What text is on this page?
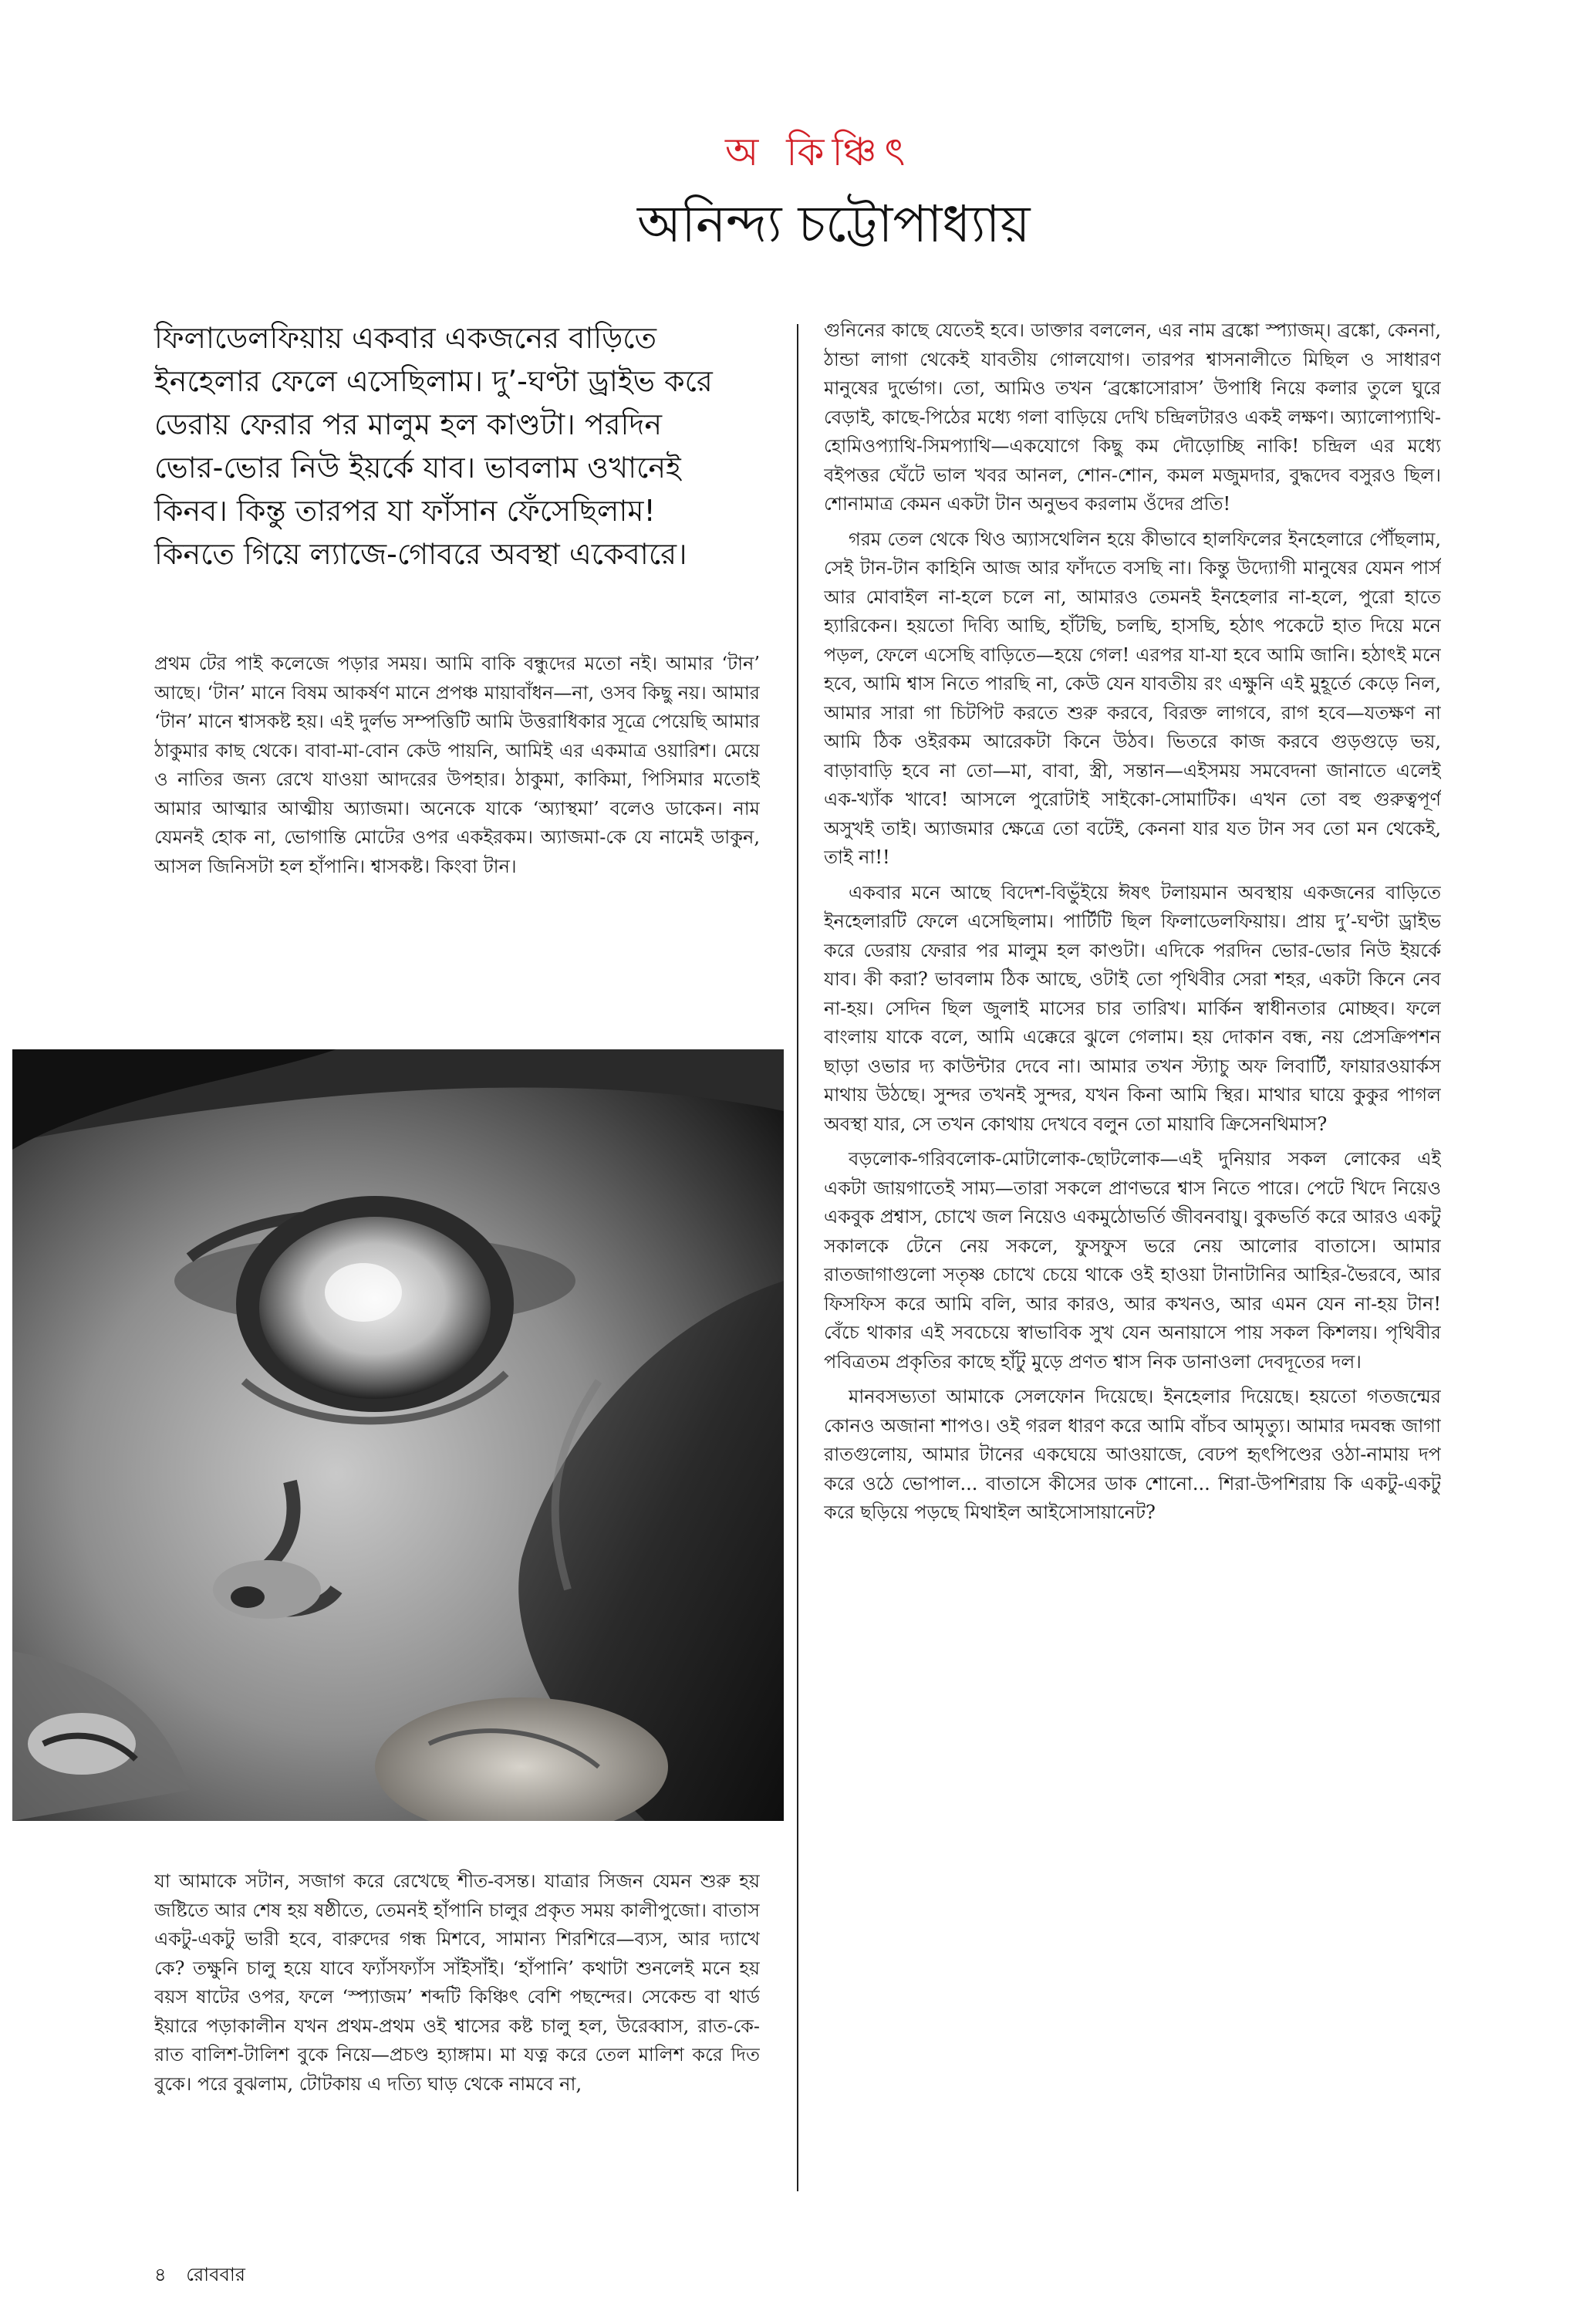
অ কিঞ্চিৎ
অনিন্দ্য চট্টোপাধ্যায়

ফিলাডেলফিয়ায় একবার একজনের বাড়িতে

ইনহেলার ফেলে এসেছিলাম। দু’-ঘণ্টা ড্রাইভ করে

ডেরায় ফেরার পর মালুম হল কাণ্ডটা। পরদিন

ভোর-ভোর নিউ ইয়র্কে যাব। ভাবলাম ওখানেই

কিনব। কিন্তু তারপর যা ফাঁসান ফেঁসেছিলাম!

কিনতে গিয়ে ল্যাজে-গোবরে অবস্থা একেবারে।

প্রথম টের পাই কলেজে পড়ার সময়। আমি বাকি বন্ধুদের মতো নই। আমার ‘টান’ আছে। ‘টান’ মানে বিষম আকর্ষণ মানে প্রপঞ্চ মায়াবাঁধন—না, ওসব কিছু নয়। আমার ‘টান’ মানে শ্বাসকষ্ট হয়। এই দুর্লভ সম্পত্তিটি আমি উত্তরাধিকার সূত্রে পেয়েছি আমার ঠাকুমার কাছ থেকে। বাবা-মা-বোন কেউ পায়নি, আমিই এর একমাত্র ওয়ারিশ। মেয়ে ও নাতির জন্য রেখে যাওয়া আদরের উপহার। ঠাকুমা, কাকিমা, পিসিমার মতোই আমার আত্মার আত্মীয় অ্যাজমা। অনেকে যাকে ‘অ্যাস্থমা’ বলেও ডাকেন। নাম যেমনই হোক না, ভোগান্তি মোটের ওপর একইরকম। অ্যাজমা-কে যে নামেই ডাকুন, আসল জিনিসটা হল হাঁপানি। শ্বাসকষ্ট। কিংবা টান।

যা আমাকে সটান, সজাগ করে রেখেছে শীত-বসন্ত। যাত্রার সিজন যেমন শুরু হয় জষ্টিতে আর শেষ হয় ষষ্ঠীতে, তেমনই হাঁপানি চালুর প্রকৃত সময় কালীপুজো। বাতাস একটু-একটু ভারী হবে, বারুদের গন্ধ মিশবে, সামান্য শিরশিরে—ব্যস, আর দ্যাখে কে? তক্ষুনি চালু হয়ে যাবে ফ্যাঁসফ্যাঁস সাঁইসাঁই। ‘হাঁপানি’ কথাটা শুনলেই মনে হয় বয়স ষাটের ওপর, ফলে ‘স্প্যাজম’ শব্দটি কিঞ্চিৎ বেশি পছন্দের। সেকেন্ড বা থার্ড ইয়ারে পড়াকালীন যখন প্রথম-প্রথম ওই শ্বাসের কষ্ট চালু হল, উরেব্বাস, রাত-কে-রাত বালিশ-টালিশ বুকে নিয়ে—প্রচণ্ড হ্যাঙ্গাম। মা যত্ন করে তেল মালিশ করে দিত বুকে। পরে বুঝলাম, টোটকায় এ দত্যি ঘাড় থেকে নামবে না,

গুনিনের কাছে যেতেই হবে। ডাক্তার বললেন, এর নাম ব্রঙ্কো স্প্যাজম্। ব্রঙ্কো, কেননা, ঠান্ডা লাগা থেকেই যাবতীয় গোলযোগ। তারপর শ্বাসনালীতে মিছিল ও সাধারণ মানুষের দুর্ভোগ। তো, আমিও তখন ‘ব্রঙ্কোসোরাস’ উপাধি নিয়ে কলার তুলে ঘুরে বেড়াই, কাছে-পিঠের মধ্যে গলা বাড়িয়ে দেখি চন্দ্রিলটারও একই লক্ষণ। অ্যালোপ্যাথি-হোমিওপ্যাথি-সিমপ্যাথি—একযোগে কিছু কম দৌড়োচ্ছি নাকি! চন্দ্রিল এর মধ্যে বইপত্তর ঘেঁটে ভাল খবর আনল, শোন-শোন, কমল মজুমদার, বুদ্ধদেব বসুরও ছিল। শোনামাত্র কেমন একটা টান অনুভব করলাম ওঁদের প্রতি!

গরম তেল থেকে থিও অ্যাসথেলিন হয়ে কীভাবে হালফিলের ইনহেলারে পৌঁছলাম, সেই টান-টান কাহিনি আজ আর ফাঁদতে বসছি না। কিন্তু উদ্যোগী মানুষের যেমন পার্স আর মোবাইল না-হলে চলে না, আমারও তেমনই ইনহেলার না-হলে, পুরো হাতে হ্যারিকেন। হয়তো দিব্যি আছি, হাঁটছি, চলছি, হাসছি, হঠাৎ পকেটে হাত দিয়ে মনে পড়ল, ফেলে এসেছি বাড়িতে—হয়ে গেল! এরপর যা-যা হবে আমি জানি। হঠাৎই মনে হবে, আমি শ্বাস নিতে পারছি না, কেউ যেন যাবতীয় রং এক্ষুনি এই মুহূর্তে কেড়ে নিল, আমার সারা গা চিটপিট করতে শুরু করবে, বিরক্ত লাগবে, রাগ হবে—যতক্ষণ না আমি ঠিক ওইরকম আরেকটা কিনে উঠব। ভিতরে কাজ করবে গুড়গুড়ে ভয়, বাড়াবাড়ি হবে না তো—মা, বাবা, স্ত্রী, সন্তান—এইসময় সমবেদনা জানাতে এলেই এক-খ্যাঁক খাবে! আসলে পুরোটাই সাইকো-সোমাটিক। এখন তো বহু গুরুত্বপূর্ণ অসুখই তাই। অ্যাজমার ক্ষেত্রে তো বটেই, কেননা যার যত টান সব তো মন থেকেই, তাই না!!

একবার মনে আছে বিদেশ-বিভুঁইয়ে ঈষৎ টলায়মান অবস্থায় একজনের বাড়িতে ইনহেলারটি ফেলে এসেছিলাম। পার্টিটি ছিল ফিলাডেলফিয়ায়। প্রায় দু’-ঘণ্টা ড্রাইভ করে ডেরায় ফেরার পর মালুম হল কাণ্ডটা। এদিকে পরদিন ভোর-ভোর নিউ ইয়র্কে যাব। কী করা? ভাবলাম ঠিক আছে, ওটাই তো পৃথিবীর সেরা শহর, একটা কিনে নেব না-হয়। সেদিন ছিল জুলাই মাসের চার তারিখ। মার্কিন স্বাধীনতার মোচ্ছব। ফলে বাংলায় যাকে বলে, আমি এক্কেরে ঝুলে গেলাম। হয় দোকান বন্ধ, নয় প্রেসক্রিপশন ছাড়া ওভার দ্য কাউন্টার দেবে না। আমার তখন স্ট্যাচু অফ লিবার্টি, ফায়ারওয়ার্কস মাথায় উঠছে। সুন্দর তখনই সুন্দর, যখন কিনা আমি স্থির। মাথার ঘায়ে কুকুর পাগল অবস্থা যার, সে তখন কোথায় দেখবে বলুন তো মায়াবি ক্রিসেনথিমাস?

বড়লোক-গরিবলোক-মোটালোক-ছোটলোক—এই দুনিয়ার সকল লোকের এই একটা জায়গাতেই সাম্য—তারা সকলে প্রাণভরে শ্বাস নিতে পারে। পেটে খিদে নিয়েও একবুক প্রশ্বাস, চোখে জল নিয়েও একমুঠোভর্তি জীবনবায়ু। বুকভর্তি করে আরও একটু সকালকে টেনে নেয় সকলে, ফুসফুস ভরে নেয় আলোর বাতাসে। আমার রাতজাগাগুলো সতৃষ্ণ চোখে চেয়ে থাকে ওই হাওয়া টানাটানির আহির-ভৈরবে, আর ফিসফিস করে আমি বলি, আর কারও, আর কখনও, আর এমন যেন না-হয় টান! বেঁচে থাকার এই সবচেয়ে স্বাভাবিক সুখ যেন অনায়াসে পায় সকল কিশলয়। পৃথিবীর পবিত্রতম প্রকৃতির কাছে হাঁটু মুড়ে প্রণত শ্বাস নিক ডানাওলা দেবদূতের দল।

মানবসভ্যতা আমাকে সেলফোন দিয়েছে। ইনহেলার দিয়েছে। হয়তো গতজন্মের কোনও অজানা শাপও। ওই গরল ধারণ করে আমি বাঁচব আমৃত্যু। আমার দমবন্ধ জাগা রাতগুলোয়, আমার টানের একঘেয়ে আওয়াজে, বেঢপ হৃৎপিণ্ডের ওঠা-নামায় দপ করে ওঠে ভোপাল... বাতাসে কীসের ডাক শোনো... শিরা-উপশিরায় কি একটু-একটু করে ছড়িয়ে পড়ছে মিথাইল আইসোসায়ানেট?

৪ রোববার
